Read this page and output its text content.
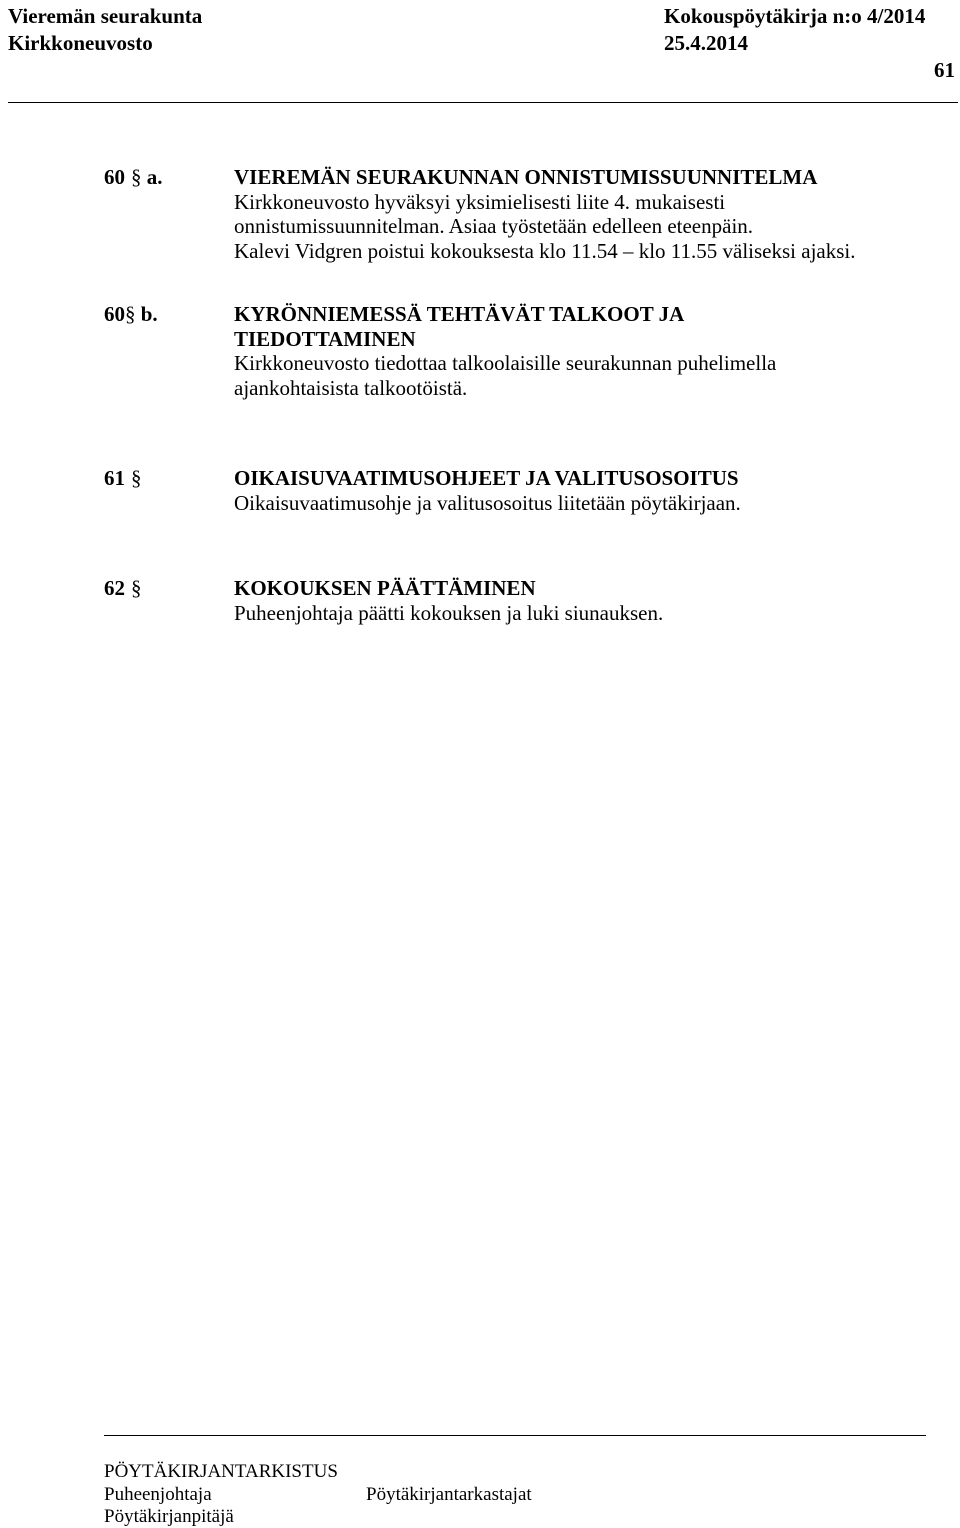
Vieremän seurakunta
Kirkkoneuvosto
Kokouspöytäkirja n:o 4/2014
25.4.2014
61
60 § a.	VIEREMÄN SEURAKUNNAN ONNISTUMISSUUNNITELMA
Kirkkoneuvosto hyväksyi yksimielisesti liite 4. mukaisesti
onnistumissuunnitelman. Asiaa työstetään edelleen eteenpäin.
Kalevi Vidgren poistui kokouksesta klo 11.54 – klo 11.55 väliseksi ajaksi.
60§ b.	KYRÖNNIEMESSÄ TEHTÄVÄT TALKOOT JA
TIEDOTTAMINEN
Kirkkoneuvosto tiedottaa talkoolaisille seurakunnan puhelimella
ajankohtaisista talkootöistä.
61 §	OIKAISUVAATIMUSOHJEET JA VALITUSOSOITUS
Oikaisuvaatimusohje ja valitusosoitus liitetään pöytäkirjaan.
62 §	KOKOUKSEN PÄÄTTÄMINEN
Puheenjohtaja päätti kokouksen ja luki siunauksen.
PÖYTÄKIRJANTARKISTUS
Puheenjohtaja	Pöytäkirjantarkastajat
Pöytäkirjanpitäjä
